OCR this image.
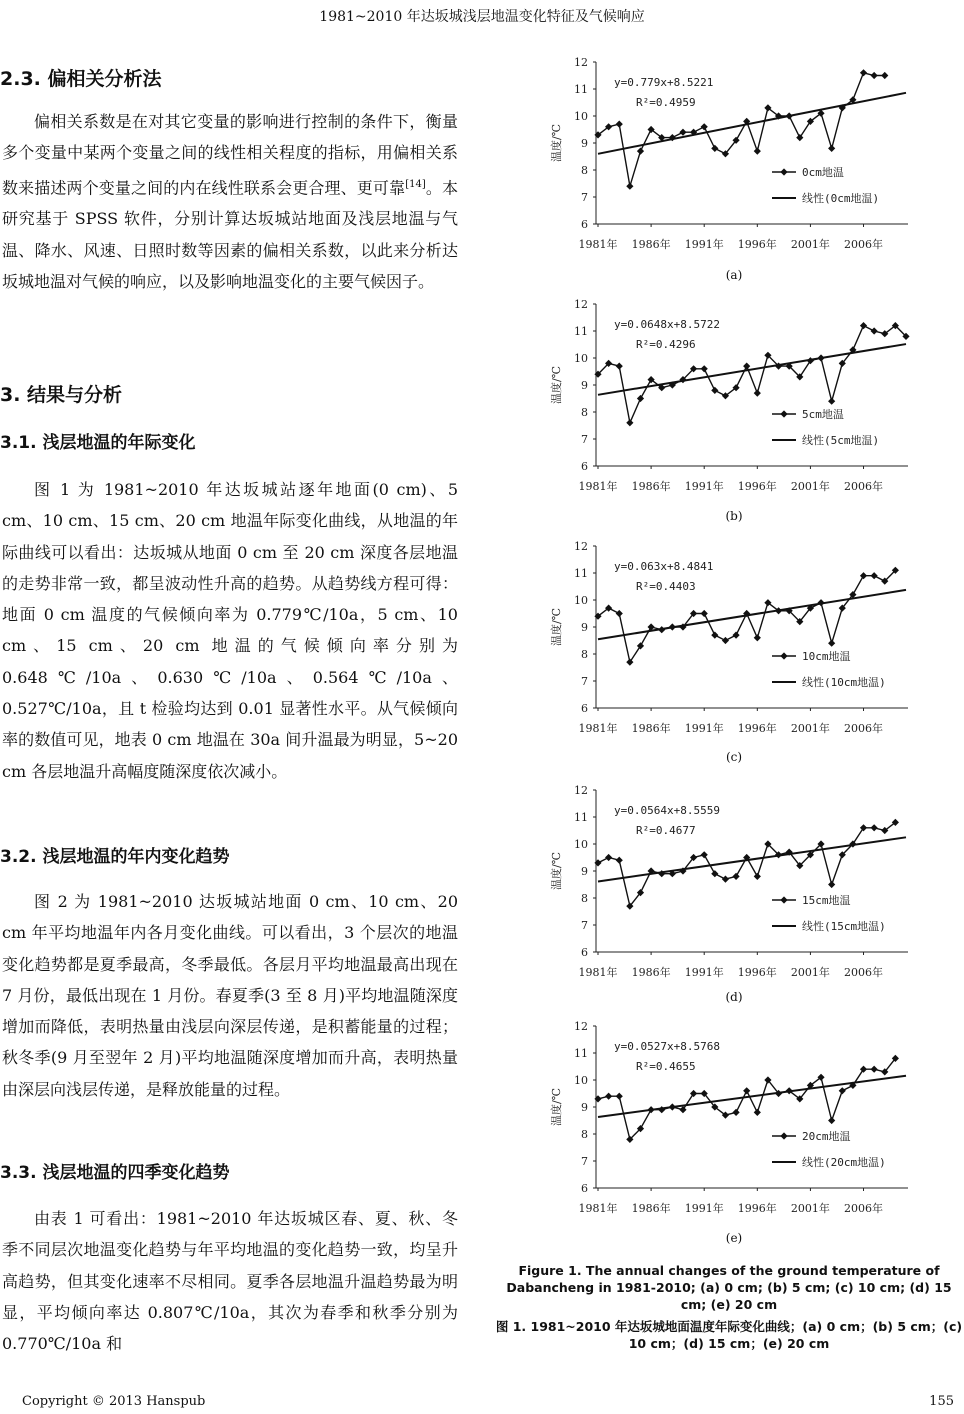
1981~2010 年达坂城浅层地温变化特征及气候响应
2.3. 偏相关分析法
偏相关系数是在对其它变量的影响进行控制的条件下，衡量多个变量中某两个变量之间的线性相关程度的指标，用偏相关系数来描述两个变量之间的内在线性联系会更合理、更可靠[14]。本研究基于 SPSS 软件，分别计算达坂城站地面及浅层地温与气温、降水、风速、日照时数等因素的偏相关系数，以此来分析达坂城地温对气候的响应，以及影响地温变化的主要气候因子。
3. 结果与分析
3.1. 浅层地温的年际变化
图 1 为 1981~2010 年达坂城站逐年地面(0 cm)、5 cm、10 cm、15 cm、20 cm 地温年际变化曲线，从地温的年际曲线可以看出：达坂城从地面 0 cm 至 20 cm 深度各层地温的走势非常一致，都呈波动性升高的趋势。从趋势线方程可得：地面 0 cm 温度的气候倾向率为 0.779℃/10a，5 cm、10 cm、15 cm、20 cm 地温的气候倾向率分别为 0.648℃/10a、0.630℃/10a、0.564℃/10a、0.527℃/10a，且 t 检验均达到 0.01 显著性水平。从气候倾向率的数值可见，地表 0 cm 地温在 30a 间升温最为明显，5~20 cm 各层地温升高幅度随深度依次减小。
3.2. 浅层地温的年内变化趋势
图 2 为 1981~2010 达坂城站地面 0 cm、10 cm、20 cm 年平均地温年内各月变化曲线。可以看出，3 个层次的地温变化趋势都是夏季最高，冬季最低。各层月平均地温最高出现在 7 月份，最低出现在 1 月份。春夏季(3 至 8 月)平均地温随深度增加而降低，表明热量由浅层向深层传递，是积蓄能量的过程；秋冬季(9 月至翌年 2 月)平均地温随深度增加而升高，表明热量由深层向浅层传递，是释放能量的过程。
3.3. 浅层地温的四季变化趋势
由表 1 可看出：1981~2010 年达坂城区春、夏、秋、冬季不同层次地温变化趋势与年平均地温的变化趋势一致，均呈升高趋势，但其变化速率不尽相同。夏季各层地温升温趋势最为明显，平均倾向率达 0.807℃/10a，其次为春季和秋季分别为 0.770℃/10a 和
6
7
8
9
10
11
12
温度/℃
1981年 1986年 1991年 1996年 2001年 2006年
y=0.779x+8.5221
R²=0.4959
0cm地温
线性(0cm地温)
(a)
6
7
8
9
10
11
12
温度/℃
1981年 1986年 1991年 1996年 2001年 2006年
y=0.0648x+8.5722
R²=0.4296
5cm地温
线性(5cm地温)
(b)
6
7
8
9
10
11
12
温度/℃
1981年 1986年 1991年 1996年 2001年 2006年
y=0.063x+8.4841
R²=0.4403
10cm地温
线性(10cm地温)
(c)
6
7
8
9
10
11
12
温度/℃
1981年 1986年 1991年 1996年 2001年 2006年
y=0.0564x+8.5559
R²=0.4677
15cm地温
线性(15cm地温)
(d)
6
7
8
9
10
11
12
温度/℃
1981年 1986年 1991年 1996年 2001年 2006年
y=0.0527x+8.5768
R²=0.4655
20cm地温
线性(20cm地温)
(e)
Figure 1. The annual changes of the ground temperature of Dabancheng in 1981-2010; (a) 0 cm; (b) 5 cm; (c) 10 cm; (d) 15 cm; (e) 20 cm
图 1. 1981~2010 年达坂城地面温度年际变化曲线；(a) 0 cm；(b) 5 cm；(c) 10 cm；(d) 15 cm；(e) 20 cm
Copyright © 2013 Hanspub	155
